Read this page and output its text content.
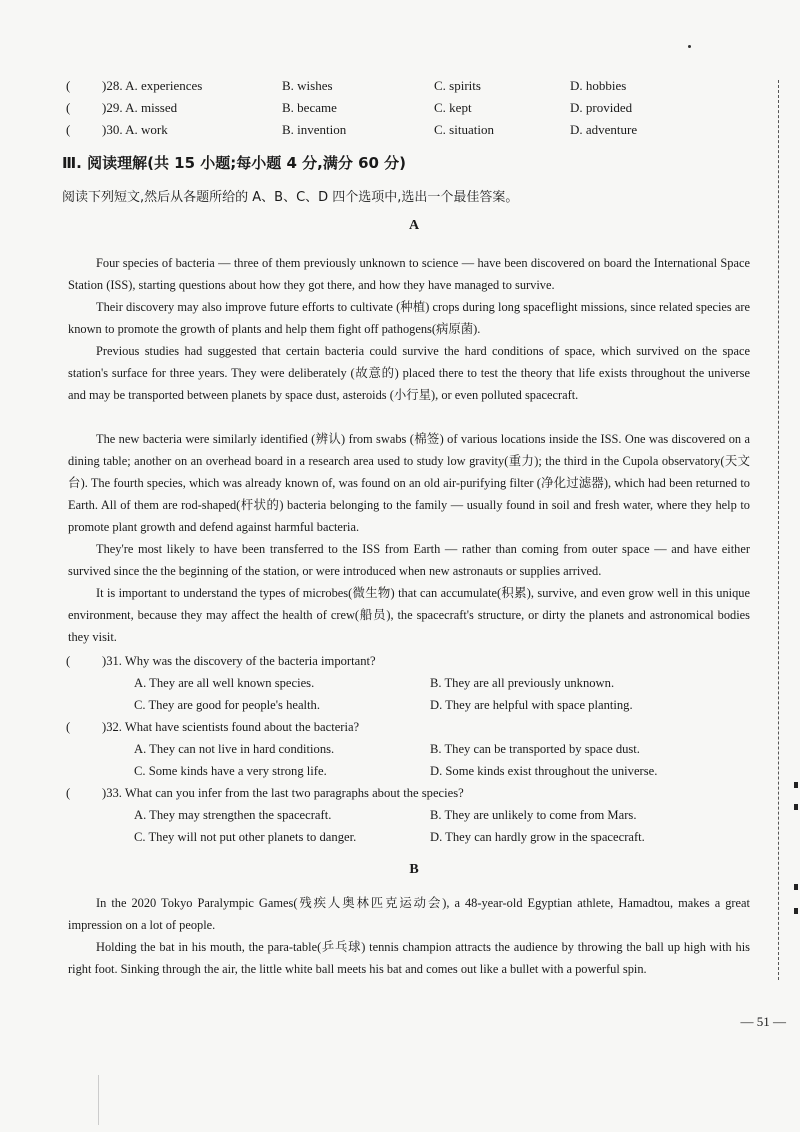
( )28. A. experiences	B. wishes	C. spirits	D. hobbies
( )29. A. missed	B. became	C. kept	D. provided
( )30. A. work	B. invention	C. situation	D. adventure
Ⅲ. 阅读理解(共 15 小题;每小题 4 分,满分 60 分)
阅读下列短文,然后从各题所给的 A、B、C、D 四个选项中,选出一个最佳答案。
A
Four species of bacteria — three of them previously unknown to science — have been discovered on board the International Space Station (ISS), starting questions about how they got there, and how they have managed to survive.
Their discovery may also improve future efforts to cultivate (种植) crops during long spaceflight missions, since related species are known to promote the growth of plants and help them fight off pathogens(病原菌).
Previous studies had suggested that certain bacteria could survive the hard conditions of space, which survived on the space station's surface for three years. They were deliberately (故意的) placed there to test the theory that life exists throughout the universe and may be transported between planets by space dust, asteroids (小行星), or even polluted spacecraft.
The new bacteria were similarly identified (辨认) from swabs (棉签) of various locations inside the ISS. One was discovered on a dining table; another on an overhead board in a research area used to study low gravity(重力); the third in the Cupola observatory(天文台). The fourth species, which was already known of, was found on an old air-purifying filter (净化过滤器), which had been returned to Earth. All of them are rod-shaped(杆状的) bacteria belonging to the family — usually found in soil and fresh water, where they help to promote plant growth and defend against harmful bacteria.
They're most likely to have been transferred to the ISS from Earth — rather than coming from outer space — and have either survived since the the beginning of the station, or were introduced when new astronauts or supplies arrived.
It is important to understand the types of microbes(微生物) that can accumulate(积累), survive, and even grow well in this unique environment, because they may affect the health of crew(船员), the spacecraft's structure, or dirty the planets and astronomical bodies they visit.
(	)31. Why was the discovery of the bacteria important?
A. They are all well known species.	B. They are all previously unknown.
C. They are good for people's health.	D. They are helpful with space planting.
(	)32. What have scientists found about the bacteria?
A. They can not live in hard conditions.	B. They can be transported by space dust.
C. Some kinds have a very strong life.	D. Some kinds exist throughout the universe.
(	)33. What can you infer from the last two paragraphs about the species?
A. They may strengthen the spacecraft.	B. They are unlikely to come from Mars.
C. They will not put other planets to danger.	D. They can hardly grow in the spacecraft.
B
In the 2020 Tokyo Paralympic Games(残疾人奥林匹克运动会), a 48-year-old Egyptian athlete, Hamadtou, makes a great impression on a lot of people.
Holding the bat in his mouth, the para-table(乒乓球) tennis champion attracts the audience by throwing the ball up high with his right foot. Sinking through the air, the little white ball meets his bat and comes out like a bullet with a powerful spin.
— 51 —
